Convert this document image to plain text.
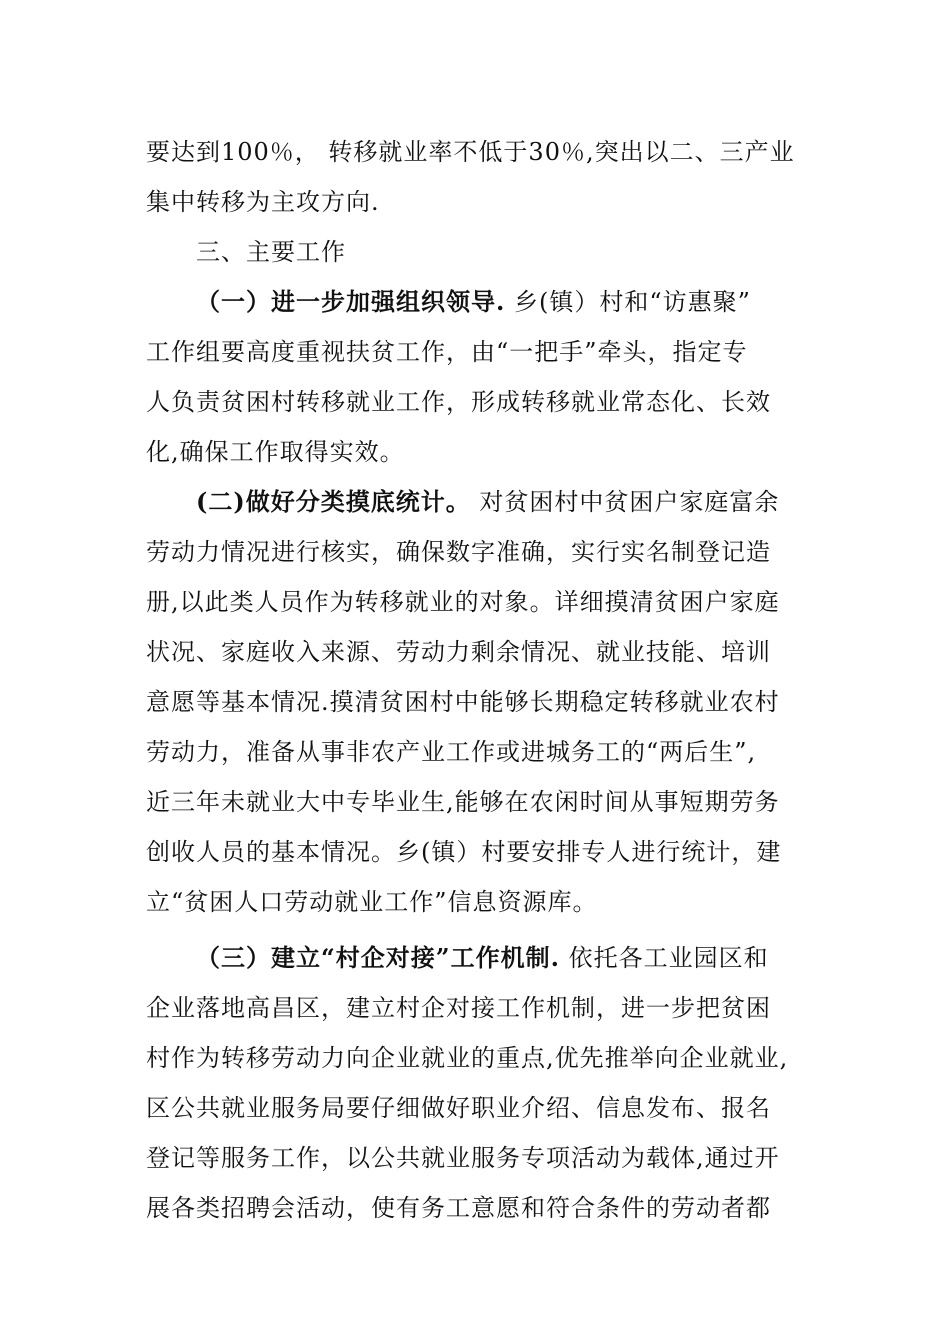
要达到100％， 转移就业率不低于30％,突出以二、三产业
集中转移为主攻方向.
三、主要工作
（一）进一步加强组织领导. 乡(镇）村和“访惠聚”
工作组要高度重视扶贫工作，由“一把手”牵头，指定专
人负责贫困村转移就业工作，形成转移就业常态化、长效
化,确保工作取得实效。
(二)做好分类摸底统计。 对贫困村中贫困户家庭富余
劳动力情况进行核实，确保数字准确，实行实名制登记造
册,以此类人员作为转移就业的对象。详细摸清贫困户家庭
状况、家庭收入来源、劳动力剩余情况、就业技能、培训
意愿等基本情况.摸清贫困村中能够长期稳定转移就业农村
劳动力，准备从事非农产业工作或进城务工的“两后生”,
近三年未就业大中专毕业生,能够在农闲时间从事短期劳务
创收人员的基本情况。乡(镇）村要安排专人进行统计，建
立“贫困人口劳动就业工作”信息资源库。
（三）建立“村企对接”工作机制. 依托各工业园区和
企业落地高昌区，建立村企对接工作机制，进一步把贫困
村作为转移劳动力向企业就业的重点,优先推举向企业就业,
区公共就业服务局要仔细做好职业介绍、信息发布、报名
登记等服务工作，以公共就业服务专项活动为载体,通过开
展各类招聘会活动，使有务工意愿和符合条件的劳动者都
